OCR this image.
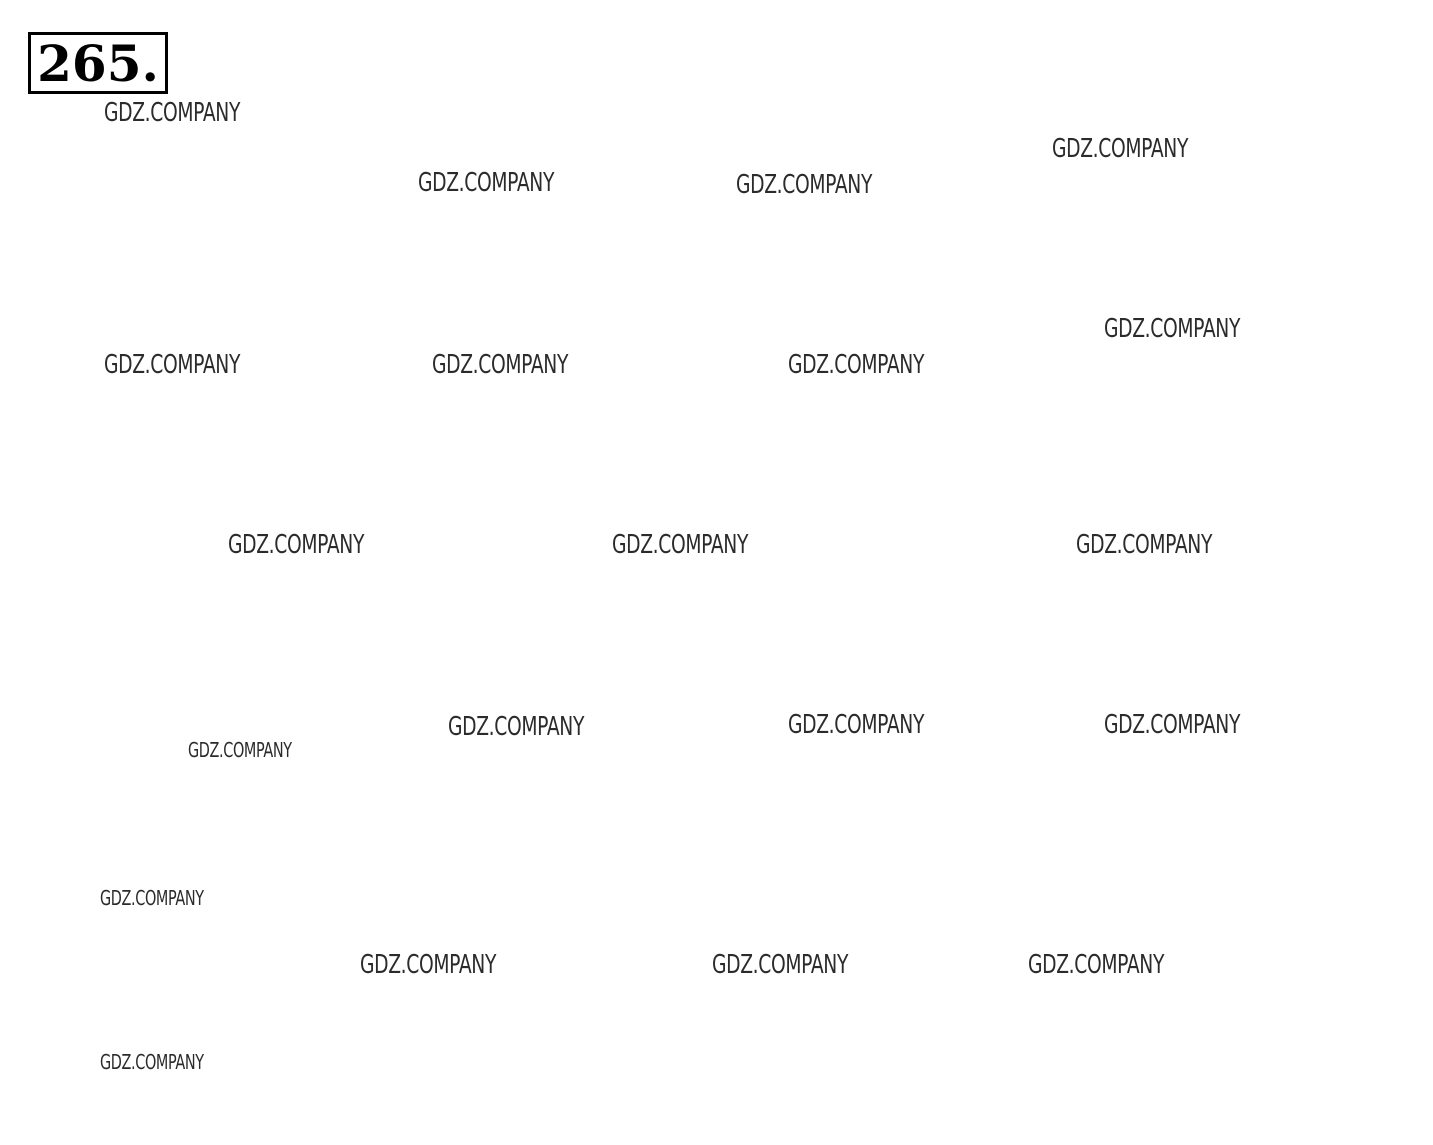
265.
GDZ.COMPANY
GDZ.COMPANY
GDZ.COMPANY	GDZ.COMPANY
GDZ.COMPANY
GDZ.COMPANY	GDZ.COMPANY	GDZ.COMPANY
GDZ.COMPANY	GDZ.COMPANY	GDZ.COMPANY
GDZ.COMPANY	GDZ.COMPANY	GDZ.COMPANY
GDZ.COMPANY
GDZ.COMPANY
GDZ.COMPANY	GDZ.COMPANY	GDZ.COMPANY
GDZ.COMPANY
